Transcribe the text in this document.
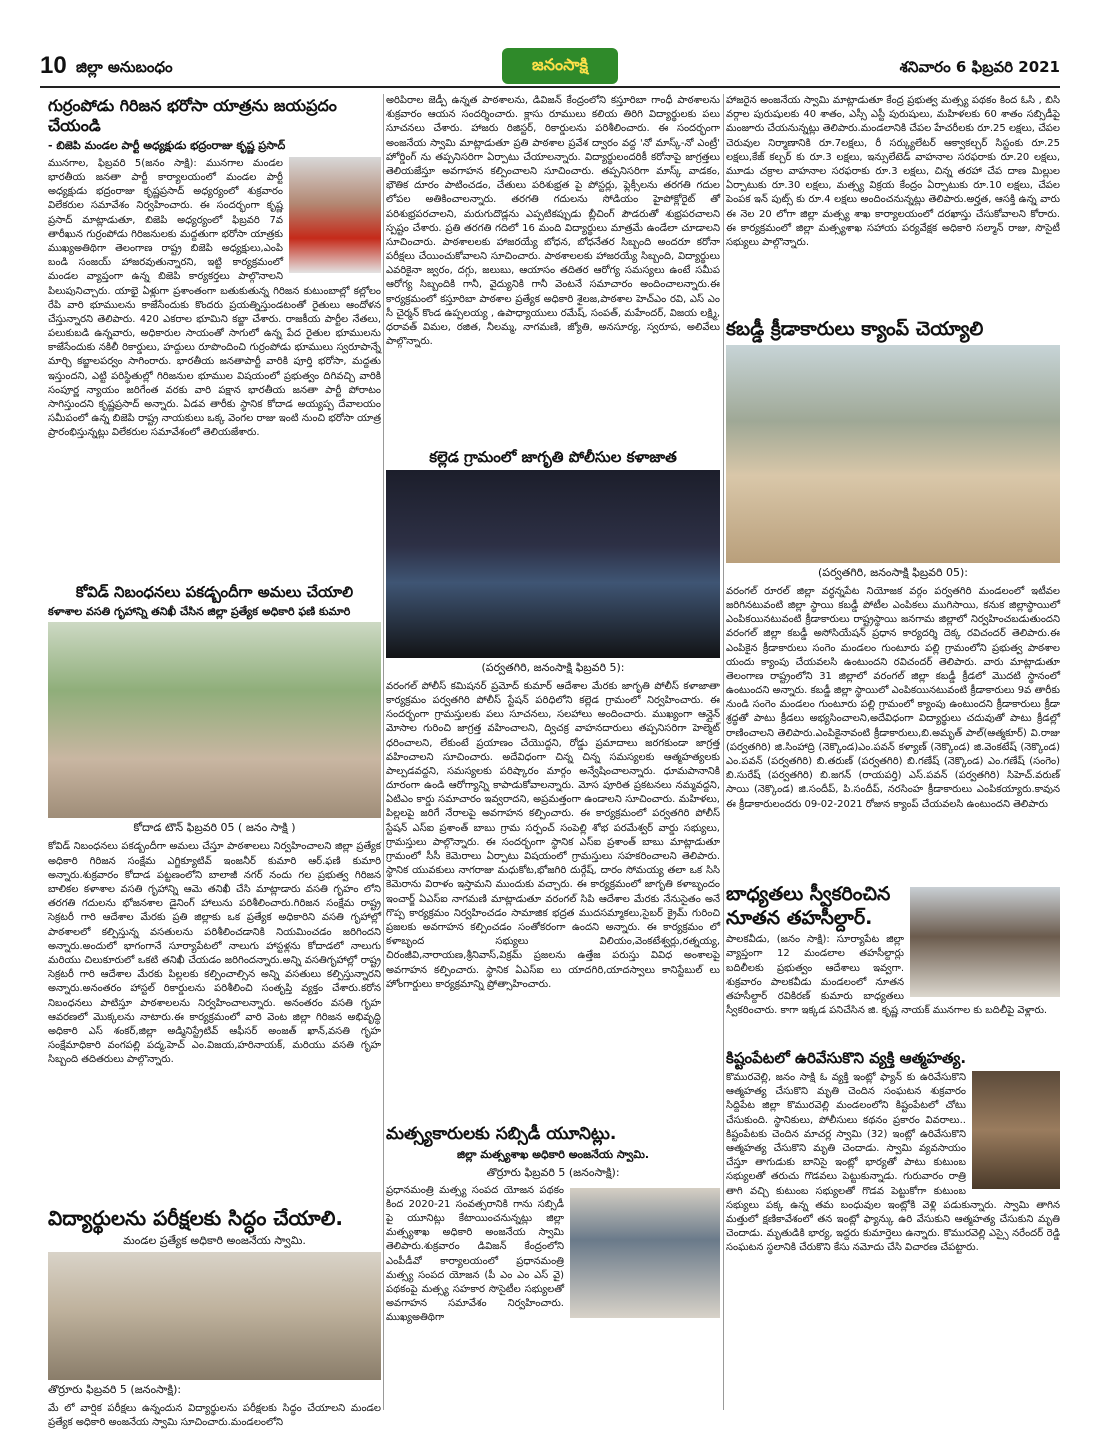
10 జిల్లా అనుబంధం	జనంసాక్షి	శనివారం 6 ఫిబ్రవరి 2021
గుర్రంపోడు గిరిజన భరోసా యాత్రను జయప్రదం చేయండి
- బిజెపి మండల పార్టీ అధ్యక్షుడు భద్రంరాజు కృష్ణ ప్రసాద్
మునగాల, ఫిబ్రవరి 5(జనం సాక్షి): మునగాల మండల భారతీయ జనతా పార్టీ కార్యాలయంలో మండల పార్టీ అధ్యక్షుడు భద్రంరాజు కృష్ణప్రసాద్ అధ్యర్యంలో శుక్రవారం విలేకరుల సమావేశం నిర్వహించారు. ఈ సందర్భంగా కృష్ణ ప్రసాద్ మాట్లాడుతూ, బిజెపి అధ్యర్యంలో ఫిబ్రవరి 7వ తారీఖున గుర్రంపోడు గిరిజనులకు మద్దతుగా భరోసా యాత్రకు ముఖ్యఅతిథిగా తెలంగాణ రాష్ట్ర బిజెపి అధ్యక్షులు,ఎంపి బండి సంజయ్ హాజరవుతున్నారని, ఇట్టి కార్యక్రమంలో మండల వ్యాప్తంగా ఉన్న బిజెపి కార్యకర్తలు పాల్గొనాలని పిలుపునిచ్చారు. యాభై ఏళ్లుగా ప్రశాంతంగా బతుకుతున్న గిరిజన కుటుంబాల్లో కల్లోలం రేపి వారి భూములను కాజేసేందుకు కొందరు ప్రయత్నిస్తుండటంతో రైతులు ఆందోళన చేస్తున్నారని తెలిపారు. 420 ఎకరాల భూమిని కబ్జా చేశారు. రాజకీయ పార్టీల నేతలు, పలుకుబడి ఉన్నవారు, అధికారుల సాయంతో సాగులో ఉన్న పేద రైతుల భూములను కాజేసేందుకు నకిలీ రికార్డులు, హద్దులు రూపొందించి గుర్రంపోడు భూములు స్వరూపాన్నే మార్చి కబ్జాలపర్వం సాగింరారు. భారతీయ జనతాపార్టీ వారికి పూర్తి భరోసా, మద్దతు ఇస్తుందని, ఎట్టి పరిస్థితుల్లో గిరిజనుల భూముల విషయంలో ప్రభుత్వం దిగివచ్చి వారికి సంపూర్ణ న్యాయం జరిగేంత వరకు వారి పక్షాన భారతీయ జనతా పార్టీ పోరాటం సాగిస్తుందని కృష్ణప్రసాద్ అన్నారు. ఏడవ తారీకు స్థానిక కోదాడ అయ్యప్ప దేవాలయం సమీపంలో ఉన్న బిజెపి రాష్ట్ర నాయకులు ఒక్క వెంగల రాజు ఇంటి నుంచి భరోసా యాత్ర ప్రారంభిస్తున్నట్లు విలేకరుల సమావేశంలో తెలియజేశారు.
కోవిడ్ నిబంధనలు పకడ్బందీగా అమలు చేయాలి
కళాశాల వసతి గృహాన్ని తనిఖీ చేసిన జిల్లా ప్రత్యేక అధికారి ఫణి కుమారి
కోదాడ టౌన్ ఫిబ్రవరి 05 ( జనం సాక్షి )
కోవిడ్ నిబంధనలు పకడ్బందీగా అమలు చేస్తూ పాఠశాలలు నిర్వహించాలని జిల్లా ప్రత్యేక అధికారి గిరిజన సంక్షేమ ఎగ్జిక్యూటివ్ ఇంజనీర్ కుమారి ఆర్.ఫణి కుమారి అన్నారు.శుక్రవారం కోదాడ పట్టణంలోని బాలాజీ నగర్ నందు గల ప్రభుత్వ గిరిజన బాలికల కళాశాల వసతి గృహాన్ని ఆమె తనిఖీ చేసి మాట్లాడారు వసతి గృహం లోని తరగతి గదులను భోజనశాల డైనింగ్ హాలును పరిశీలించారు.గిరిజన సంక్షేమ రాష్ట్ర సెక్రటరీ గారి ఆదేశాల మేరకు ప్రతి జిల్లాకు ఒక ప్రత్యేక అధికారిని వసతి గృహాల్లో పాఠశాలలో కల్పిస్తున్న వసతులను పరిశీలించడానికి నియమించడం జరిగిందని అన్నారు.అందులో భాగంగానే సూర్యాపేటలో నాలుగు హాస్టళ్లను కోదాడలో నాలుగు మరియు చిలుకూరులో ఒకటి తనిఖీ చేయడం జరిగిందన్నారు.అన్ని వసతిగృహాల్లో రాష్ట్ర సెక్రటరీ గారి ఆదేశాల మేరకు పిల్లలకు కల్పించాల్సిన అన్ని వసతులు కల్పిస్తున్నారని అన్నారు.అనంతరం హాస్టల్ రికార్డులను పరిశీలించి సంతృప్తి వ్యక్తం చేశారు.కరోన నిబంధనలు పాటిస్తూ పాఠశాలలను నిర్వహించాలన్నారు. అనంతరం వసతి గృహ ఆవరణలో మొక్కలను నాటారు.ఈ కార్యక్రమంలో వారి వెంట జిల్లా గిరిజన అభివృద్ధి అధికారి ఎస్ శంకర్,జిల్లా అడ్మినిస్ట్రేటివ్ ఆఫీసర్ అంజత్ ఖాన్,వసతి గృహ సంక్షేమాధికారి వంగపల్లి పద్మ,హెచ్ ఎం.విజయ,హరినాయక్, మరియు వసతి గృహ సిబ్బంది తదితరులు పాల్గొన్నారు.
విద్యార్థులను పరీక్షలకు సిద్ధం చేయాలి.
మండల ప్రత్యేక అధికారి అంజనేయ స్వామి.
తొర్రూరు ఫిబ్రవరి 5 (జనంసాక్షి):
మే లో వార్షిక పరీక్షలు ఉన్నందున విద్యార్థులను పరీక్షలకు సిద్ధం చేయాలని మండల ప్రత్యేక అధికారి అంజనేయ స్వామి సూచించారు.మండలంలోని
అరిపిరాల జెడ్పీ ఉన్నత పాఠశాలను, డివిజన్ కేంద్రంలోని కస్తూరిబా గాంధీ పాఠశాలను శుక్రవారం ఆయన సందర్శించారు. క్లాసు రూములు కలియ తిరిగి విద్యార్థులకు పలు సూచనలు చేశారు. హాజరు రిజిస్టర్, రికార్డులను పరిశీలించారు. ఈ సందర్భంగా అంజనేయ స్వామి మాట్లాడుతూ ప్రతి పాఠశాల ప్రవేశ ద్వారం వద్ద 'నో మాస్క్-నో ఎంట్రీ' హోర్డింగ్ ను తప్పనిసరిగా ఏర్పాటు చేయాలన్నారు. విద్యార్థులందరికీ కరోనాపై జాగ్రత్తలు తెలియజేస్తూ అవగాహన కల్పించాలని సూచించారు. తప్పనిసరిగా మాస్క్ వాడకం, భౌతిక దూరం పాటించడం, చేతులు పరిశుభ్రత పై పోస్టర్లు, ఫ్లెక్సీలను తరగతి గదుల లోపల అతికించాలన్నారు. తరగతి గదులను సోడియం హైపోక్లోరైట్ తో పరిశుభ్రపరచాలని, మరుగుదొడ్లను ఎప్పటికప్పుడు బ్లీచింగ్ పౌడరుతో శుభ్రపరచాలని స్పష్టం చేశారు. ప్రతి తరగతి గదిలో 16 మంది విద్యార్థులు మాత్రమే ఉండేలా చూడాలని సూచించారు. పాఠశాలలకు హాజరయ్యే బోధన, బోధనేతర సిబ్బంది అందరూ కరోనా పరీక్షలు చేయించుకోవాలని సూచించారు. పాఠశాలలకు హాజరయ్యే సిబ్బంది, విద్యార్థులు ఎవరికైనా జ్వరం, దగ్గు, జలుబు, ఆయాసం తదితర ఆరోగ్య సమస్యలు ఉంటే సమీప ఆరోగ్య సిబ్బందికి గానీ, వైద్యునికి గానీ వెంటనే సమాచారం అందించాలన్నారు.ఈ కార్యక్రమంలో కస్తూరిబా పాఠశాల ప్రత్యేక అధికారి శైలజ,పాఠశాల హెచ్ఎం రవి, ఎస్ ఎం సీ చైర్మన్ కొండ ఉప్పలయ్య , ఉపాధ్యాయులు రమేష్, సంపత్, మహేందర్, విజయ లక్ష్మి, ధరావత్ విమల, రజిత, నీలమ్మ, నాగమణి, జ్యోతి, అనసూర్య, స్వరూప, అలివేలు పాల్గొన్నారు.
కల్లెడ గ్రామంలో జాగృతి పోలీసుల కళాజాత
(పర్వతగిరి, జనంసాక్షి ఫిబ్రవరి 5):
వరంగల్ పోలీస్ కమిషనర్ ప్రమోద్ కుమార్ ఆదేశాల మేరకు జాగృతి పోలీస్ కళాజాతా కార్యక్రమం పర్వతగిరి పోలీస్ స్టేషన్ పరిధిలోని కల్లెడ గ్రామంలో నిర్వహించారు. ఈ సందర్భంగా గ్రామస్తులకు పలు సూచనలు, సలహాలు అందించారు. ముఖ్యంగా ఆన్లైన్ మోసాల గురించి జాగ్రత్త వహించాలని, ద్విచక్ర వాహనదారులు తప్పనిసరిగా హెల్మెట్ ధరించాలని, లేకుంటే ప్రయాణం చేయొద్దని, రోడ్డు ప్రమాదాలు జరగకుండా జాగ్రత్త వహించాలని సూచించారు. అదేవిధంగా చిన్న చిన్న సమస్యలకు ఆత్మహత్యలకు పాల్పడవద్దని, సమస్యలకు పరిష్కారం మార్గం అన్వేషించాలన్నారు. ధూమపానానికి దూరంగా ఉండి ఆరోగ్యాన్ని కాపాడుకోవాలన్నారు. మోస పూరిత ప్రకటనలు నమ్మవద్దని, ఏటిఎం కార్డు సమాచారం ఇవ్వరాదని, అప్రమత్తంగా ఉండాలని సూచించారు. మహిళలు, పిల్లలపై జరిగే నేరాలపై అవగాహన కల్పించారు. ఈ కార్యక్రమంలో పర్వతగిరి పోలీస్ స్టేషన్ ఎస్ఐ ప్రశాంత్ బాబు గ్రామ సర్పంచ్ సంపెల్లి శోభ పరమేశ్వర్ వార్డు సభ్యులు, గ్రామస్తులు పాల్గొన్నారు. ఈ సందర్భంగా స్థానిక ఎస్ఐ ప్రశాంత్ బాబు మాట్లాడుతూ గ్రామంలో సీసీ కెమెరాలు ఏర్పాటు విషయంలో గ్రామస్తులు సహకరించాలని తెలిపారు. స్థానిక యువకులు నాగరాజు మధుకోట,భోజగిరి దుర్గేష్, దారం సోమయ్య తలా ఒక సిసి కెమెరాను విరాళం ఇస్తామని ముందుకు వచ్చారు. ఈ కార్యక్రమంలో జాగృతి కళాబృందం ఇంచార్జ్ ఏఎస్ఐ నాగమణి మాట్లాడుతూ వరంగల్ సిపి ఆదేశాల మేరకు నేనుసైతం అనే గొప్ప కార్యక్రమం నిర్వహించడం సామాజిక భద్రత ముదసమ్మాకలు,సైబర్ క్రైమ్ గురించి ప్రజలకు అవగాహన కల్పించడం సంతోకరంగా ఉందని అన్నారు. ఈ కార్యక్రమం లో కళాబృంద సభ్యులు విలియం,వెంకటేశ్వర్లు,రత్నయ్య, చిరంజీవి,నారాయణ,శ్రీనివాస్,విక్రమ్ ప్రజలను ఉత్తేజ పరుస్తు వివిధ అంశాలపై అవగాహన కల్పించారు. స్థానిక ఏఎస్ఐ లు యాదగిరి,యాదస్వాలు కానిస్టేబుల్ లు హోంగార్డులు కార్యక్రమాన్ని ప్రోత్సాహించారు.
మత్స్యకారులకు సబ్సిడీ యూనిట్లు.
జిల్లా మత్స్యశాఖ అధికారి అంజనేయ స్వామి.
తొర్రూరు ఫిబ్రవరి 5 (జనంసాక్షి):
ప్రధానమంత్రి మత్స్య సంపద యోజన పథకం కింద 2020-21 సంవత్సరానికి గాను సబ్సిడీ పై యూనిట్లు కేటాయించనున్నట్లు జిల్లా మత్స్యశాఖ అధికారి అంజనేయ స్వామి తెలిపారు.శుక్రవారం డివిజన్ కేంద్రంలోని ఎంపీడీవో కార్యాలయంలో ప్రధానమంత్రి మత్స్య సంపద యోజన (పీ ఎం ఎం ఎస్ వై) పథకంపై మత్స్య సహకార సొసైటీల సభ్యులతో అవగాహన సమావేశం నిర్వహించారు. ముఖ్యఅతిథిగా
హాజరైన అంజనేయ స్వామి మాట్లాడుతూ కేంద్ర ప్రభుత్వ మత్స్య పథకం కింద ఓసి , బిసి వర్గాల పురుషులకు 40 శాతం, ఎస్సీ ఎస్టీ పురుషులు, మహిళలకు 60 శాతం సబ్సిడీపై మంజూరు చేయనున్నట్లు తెలిపారు.మండలానికి చేపల హేచరీలకు రూ.25 లక్షలు, చేపల చెరువుల నిర్మాణానికి రూ.7లక్షలు, రీ సర్క్యులేటర్ ఆక్వాకల్చర్ సిస్టంకు రూ.25 లక్షలు,కేజ్ కల్చర్ కు రూ.3 లక్షలు, ఇన్సులేటెడ్ వాహనాల సరఫరాకు రూ.20 లక్షలు, మూడు చక్రాల వాహనాల సరఫరాకు రూ.3 లక్షలు, చిన్న తరహా చేప దాణ మిల్లుల ఏర్పాటుకు రూ.30 లక్షలు, మత్స్య విక్రయ కేంద్రం ఏర్పాటుకు రూ.10 లక్షలు, చేపల పెంపక ఇన్ పుట్స్ కు రూ.4 లక్షలు అందించనున్నట్లు తెలిపారు.అర్హత, ఆసక్తి ఉన్న వారు ఈ నెల 20 లోగా జిల్లా మత్స్య శాఖ కార్యాలయంలో దరఖాస్తు చేసుకోవాలని కోరారు. ఈ కార్యక్రమంలో జిల్లా మత్స్యశాఖ సహాయ పర్యవేక్షక అధికారి సల్మాన్ రాజు, సొసైటీ సభ్యులు పాల్గొన్నారు.
కబడ్డీ క్రీడాకారులు క్యాంప్ చెయ్యాలి
(పర్వతగిరి, జనంసాక్షి ఫిబ్రవరి 05):
వరంగల్ రూరల్ జిల్లా వర్ధన్నపేట నియోజక వర్గం పర్వతగిరి మండలంలో ఇటీవల జరిగినటువంటి జిల్లా స్థాయి కబడ్డీ పోటీల ఎంపికలు ముగిసాయి, కనుక జిల్లాస్థాయిలో ఎంపికయినటువంటి క్రీడాకారులు రాష్ట్రస్థాయి జనగామ జిల్లాలో నిర్వహించబడుతుందని వరంగల్ జిల్లా కబడ్డీ అసోసియేషన్ ప్రధాన కార్యదర్శి దెక్క రవిచందర్ తెలిపారు.ఈ ఎంపికైన క్రీడాకారులు సంగెం మండలం గుంటూరు పల్లి గ్రామంలోని ప్రభుత్వ పాఠశాల యందు క్యాంపు చేయవలసి ఉంటుందని రవిచందర్ తెలిపారు. వారు మాట్లాడుతూ తెలంగాణ రాష్ట్రంలోని 31 జిల్లాలో వరంగల్ జిల్లా కబడ్డీ క్రీడలో మొదటి స్థానంలో ఉంటుందని అన్నారు. కబడ్డీ జిల్లా స్థాయిలో ఎంపికయినటువంటి క్రీడాకారులు 9వ తారీకు నుండి సంగెం మండలం గుంటూరు పల్లి గ్రామంలో క్యాంపు ఉంటుందని క్రీడాకారులు క్రీడా శ్రద్ధతో పాటు క్రీడలు అభ్యసించాలని,అదేవిధంగా విద్యార్థులు చదువుతో పాటు క్రీడల్లో రాణించాలని తెలిపారు.ఎంపికైనావంటి క్రీడాకారులు,బి.అమృత్ పాల్(ఆత్మకూర్) వి.రాజు (పర్వతగిరి) జి.సింహాద్రి (నెక్కొండ)ఎం.పవన్ కళ్యాణ్ (నెక్కొండ) జి.వెంకటేష్ (నెక్కొండ) ఎం.పవన్ (పర్వతగిరి) బి.తరుణ్ (పర్వతగిరి) బి.గణేష్ (నెక్కొండ) ఎం.గణేష్ (సంగెం) బి.సురేష్ (పర్వతగిరి) బి.జగన్ (రాయపర్తి) ఎస్.పవన్ (పర్వతగిరి) సిహెచ్.వరుణ్ సాయి (నెక్కొండ) జి.సందీప్, పి.సందీప్, నరసింహ క్రీడాకారులు ఎంపికయ్యారు.కావున ఈ క్రీడాకారులందరు 09-02-2021 రోజున క్యాంప్ చేయవలసి ఉంటుందని తెలిపారు
బాధ్యతలు స్వీకరించిన నూతన తహసీల్దార్.
పాలకవీడు, (జనం సాక్షి): సూర్యాపేట జిల్లా వ్యాప్తంగా 12 మండలాల తహసీల్దార్లు బదిలీలకు ప్రభుత్వం ఆదేశాలు ఇవ్వగా. శుక్రవారం పాలకవీడు మండలంలో నూతన తహసీల్దార్ రవికిరణ్ కుమారు బాధ్యతలు స్వీకరించారు. కాగా ఇక్కడ పనిచేసిన జి. కృష్ణ నాయక్ మునగాల కు బదిలీపై వెళ్లారు.
కిష్టంపేటలో ఉరివేసుకొని వ్యక్తి ఆత్మహత్య.
కొమురవెల్లి, జనం సాక్షి ఓ వ్యక్తి ఇంట్లో ఫ్యాన్ కు ఉరివేసుకొని ఆత్మహత్య చేసుకొని మృతి చెందిన సంఘటన శుక్రవారం సిద్దిపేట జిల్లా కొమురవెల్లి మండలంలోని కిష్టంపేటలో చోటు చేసుకుంది. స్థానికులు, పోలీసులు కథనం ప్రకారం వివరాలు.. కిష్టంపేటకు చెందిన మాచర్ల స్వామి (32) ఇంట్లో ఉరివేసుకొని ఆత్మహత్య చేసుకొని మృతి చెందాడు. స్వామి వ్యవసాయం చేస్తూ తాగుడుకు బానిసై ఇంట్లో భార్యతో పాటు కుటుంబ సభ్యులతో తరుచు గొడవలు పెట్టుకున్నాడు. గురువారం రాత్రి తాగి వచ్చి కుటుంబ సభ్యులతో గొడవ పెట్టుకోగా కుటుంబ సభ్యులు పక్క ఉన్న తమ బంధువుల ఇంట్లోకి వెళ్లి పడుకున్నారు. స్వామి తాగిన మత్తులో క్షణికావేశంలో తన ఇంట్లో ఫ్యాన్కు ఉరి వేసుకుని ఆత్మహత్య చేసుకుని మృతి చెందాడు. మృతుడికి భార్య, ఇద్దరు కుమార్తెలు ఉన్నారు. కొమురవెల్లి ఎస్సై నరేందర్ రెడ్డి సంఘటన స్థలానికి చేరుకొని కేసు నమోదు చేసి విచారణ చేపట్టారు.
